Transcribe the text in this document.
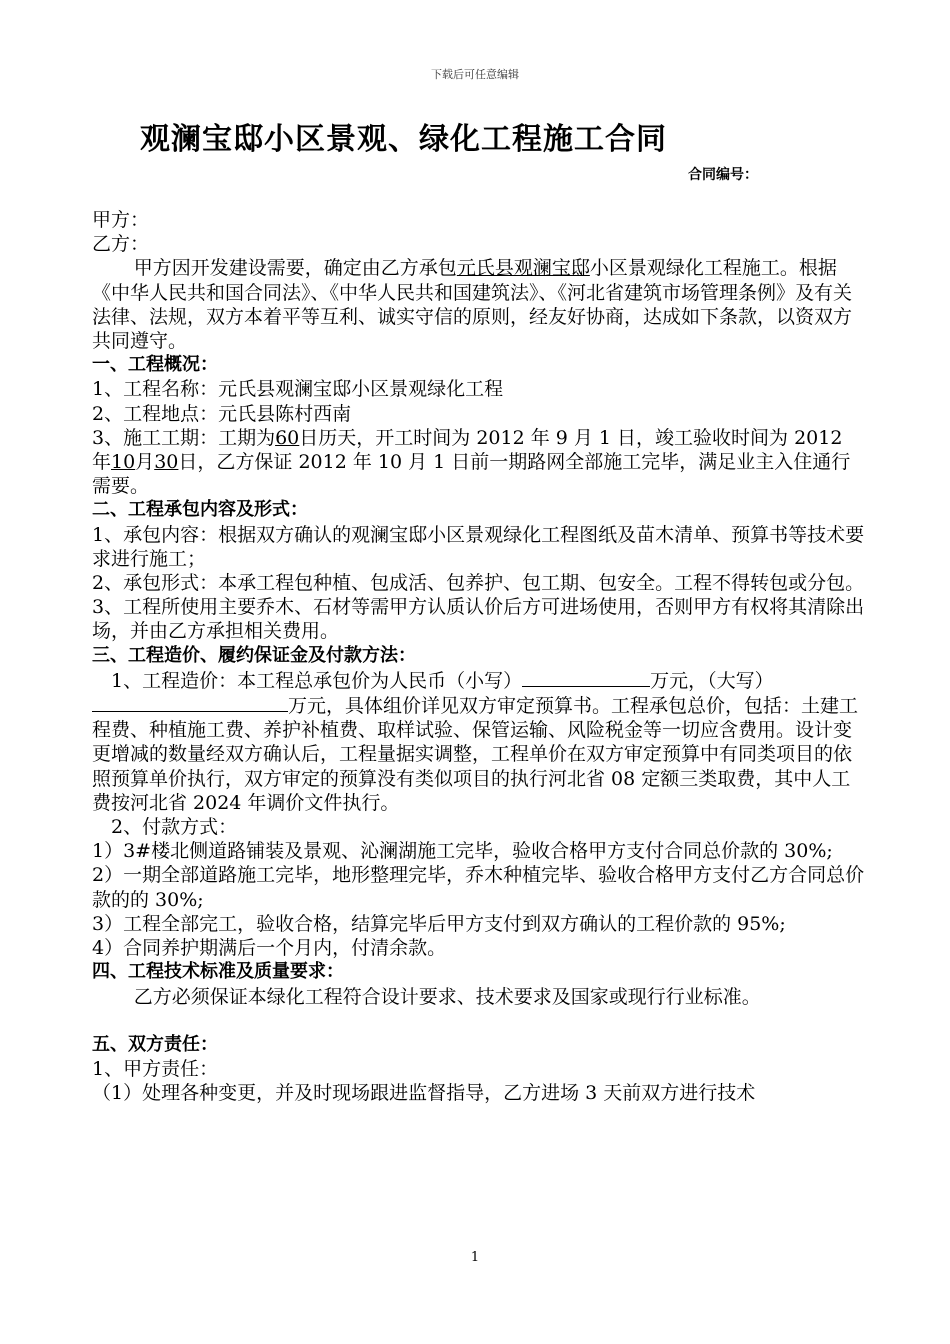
下载后可任意编辑
观澜宝邸小区景观、绿化工程施工合同
合同编号：

甲方：

乙方：

甲方因开发建设需要，确定由乙方承包元氏县观澜宝邸小区景观绿化工程施工。根据《中华人民共和国合同法》、《中华人民共和国建筑法》、《河北省建筑市场管理条例》及有关法律、法规，双方本着平等互利、诚实守信的原则，经友好协商，达成如下条款，以资双方共同遵守。

一、工程概况：

1、工程名称：元氏县观澜宝邸小区景观绿化工程

2、工程地点：元氏县陈村西南

3、施工工期：工期为60日历天，开工时间为 2012 年 9 月 1 日，竣工验收时间为 2012 年10月30日，乙方保证 2012 年 10 月 1 日前一期路网全部施工完毕，满足业主入住通行需要。

二、工程承包内容及形式：

1、承包内容：根据双方确认的观澜宝邸小区景观绿化工程图纸及苗木清单、预算书等技术要求进行施工；

2、承包形式：本承工程包种植、包成活、包养护、包工期、包安全。工程不得转包或分包。

3、工程所使用主要乔木、石材等需甲方认质认价后方可进场使用，否则甲方有权将其清除出场，并由乙方承担相关费用。

三、工程造价、履约保证金及付款方法：

1、工程造价：本工程总承包价为人民币（小写）	万元，（大写）万元，具体组价详见双方审定预算书。工程承包总价，包括：土建工程费、种植施工费、养护补植费、取样试验、保管运输、风险税金等一切应含费用。设计变更增减的数量经双方确认后，工程量据实调整，工程单价在双方审定预算中有同类项目的依照预算单价执行，双方审定的预算没有类似项目的执行河北省 08 定额三类取费，其中人工费按河北省 2024 年调价文件执行。

2、付款方式：

1）3#楼北侧道路铺装及景观、沁澜湖施工完毕，验收合格甲方支付合同总价款的 30%;

2）一期全部道路施工完毕，地形整理完毕，乔木种植完毕、验收合格甲方支付乙方合同总价款的的 30%;

3）工程全部完工，验收合格，结算完毕后甲方支付到双方确认的工程价款的 95%;

4）合同养护期满后一个月内，付清余款。

四、工程技术标准及质量要求：

乙方必须保证本绿化工程符合设计要求、技术要求及国家或现行行业标准。

五、双方责任：

1、甲方责任：

（1）处理各种变更，并及时现场跟进监督指导，乙方进场 3 天前双方进行技术

1
